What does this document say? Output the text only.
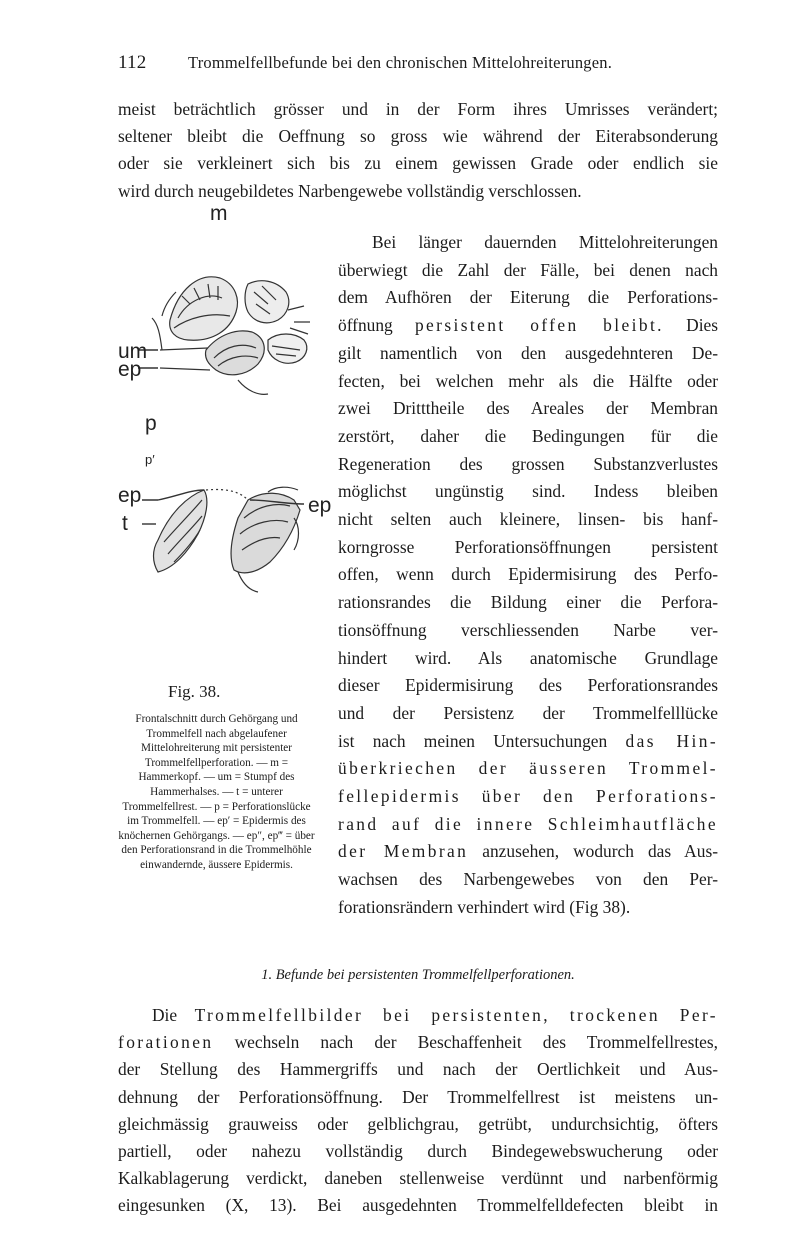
112	Trommelfellbefunde bei den chronischen Mittelohreiterungen.
meist beträchtlich grösser und in der Form ihres Umrisses verändert;
seltener bleibt die Oeffnung so gross wie während der Eiterabsonderung
oder sie verkleinert sich bis zu einem gewissen Grade oder endlich sie
wird durch neugebildetes Narbengewebe vollständig verschlossen.
m
um
ep
p
p′
ep
t
ep
Fig. 38.
Frontalschnitt durch Gehörgang und Trommelfell nach abgelaufener Mittelohreiterung mit persistenter Trommelfellperforation. — m = Hammerkopf. — um = Stumpf des Hammerhalses. — t = unterer Trommelfellrest. — p = Perforationslücke im Trommelfell. — ep′ = Epidermis des knöchernen Gehörgangs. — ep″, ep‴ = über den Perforationsrand in die Trommelhöhle einwandernde, äussere Epidermis.
Bei länger dauernden Mittelohreiterungen
überwiegt die Zahl der Fälle, bei denen nach
dem Aufhören der Eiterung die Perforations-
öffnung persistent offen bleibt. Dies
gilt namentlich von den ausgedehnteren De-
fecten, bei welchen mehr als die Hälfte oder
zwei Dritttheile des Areales der Membran
zerstört, daher die Bedingungen für die
Regeneration des grossen Substanzverlustes
möglichst ungünstig sind. Indess bleiben
nicht selten auch kleinere, linsen- bis hanf-
korngrosse Perforationsöffnungen persistent
offen, wenn durch Epidermisirung des Perfo-
rationsrandes die Bildung einer die Perfora-
tionsöffnung verschliessenden Narbe ver-
hindert wird. Als anatomische Grundlage
dieser Epidermisirung des Perforationsrandes
und der Persistenz der Trommelfelllücke
ist nach meinen Untersuchungen das Hin-
überkriechen der äusseren Trommel-
fellepidermis über den Perforations-
rand auf die innere Schleimhautfläche
der Membran anzusehen, wodurch das Aus-
wachsen des Narbengewebes von den Per-
forationsrändern verhindert wird (Fig 38).
1. Befunde bei persistenten Trommelfellperforationen.
Die Trommelfellbilder bei persistenten, trockenen Per-
forationen wechseln nach der Beschaffenheit des Trommelfellrestes,
der Stellung des Hammergriffs und nach der Oertlichkeit und Aus-
dehnung der Perforationsöffnung. Der Trommelfellrest ist meistens un-
gleichmässig grauweiss oder gelblichgrau, getrübt, undurchsichtig, öfters
partiell, oder nahezu vollständig durch Bindegewebswucherung oder
Kalkablagerung verdickt, daneben stellenweise verdünnt und narbenförmig
eingesunken (X, 13). Bei ausgedehnten Trommelfelldefecten bleibt in
